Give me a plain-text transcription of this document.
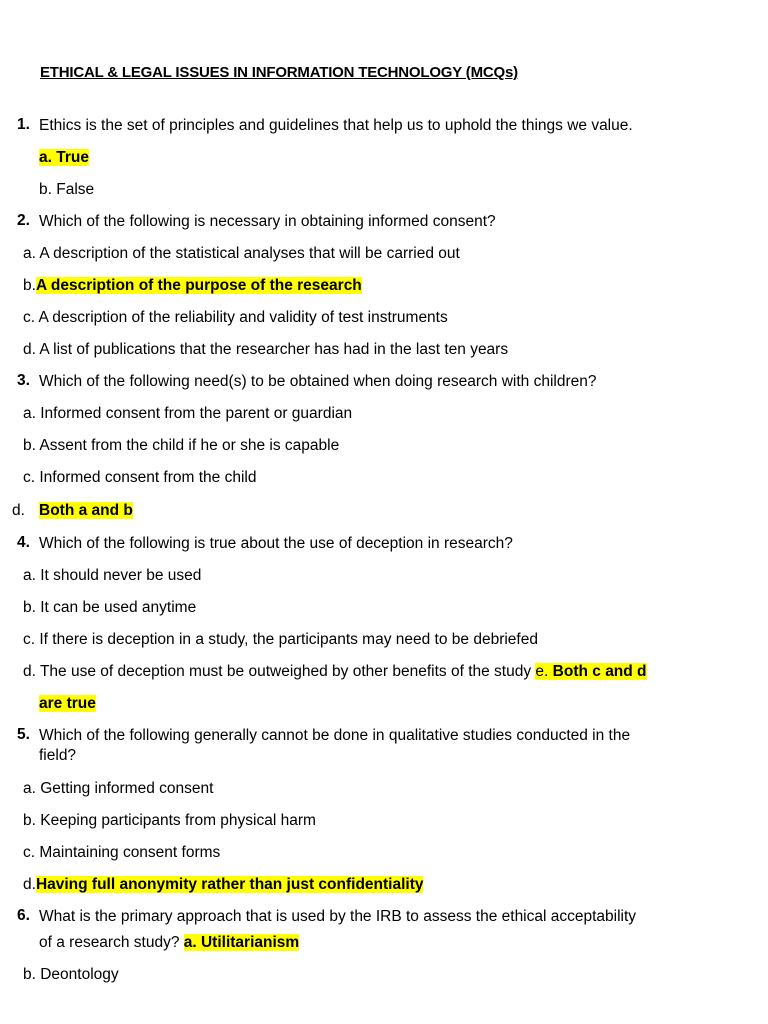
ETHICAL & LEGAL ISSUES IN INFORMATION TECHNOLOGY (MCQs)
1. Ethics is the set of principles and guidelines that help us to uphold the things we value.
a. True
b. False
2. Which of the following is necessary in obtaining informed consent?
a. A description of the statistical analyses that will be carried out
b.A description of the purpose of the research
c. A description of the reliability and validity of test instruments
d. A list of publications that the researcher has had in the last ten years
3. Which of the following need(s) to be obtained when doing research with children?
a. Informed consent from the parent or guardian
b. Assent from the child if he or she is capable
c. Informed consent from the child
d. Both a and b
4. Which of the following is true about the use of deception in research?
a. It should never be used
b. It can be used anytime
c. If there is deception in a study, the participants may need to be debriefed
d. The use of deception must be outweighed by other benefits of the study e. Both c and d
are true
5. Which of the following generally cannot be done in qualitative studies conducted in the
field?
a. Getting informed consent
b. Keeping participants from physical harm
c. Maintaining consent forms
d.Having full anonymity rather than just confidentiality
6. What is the primary approach that is used by the IRB to assess the ethical acceptability
of a research study? a. Utilitarianism
b. Deontology
